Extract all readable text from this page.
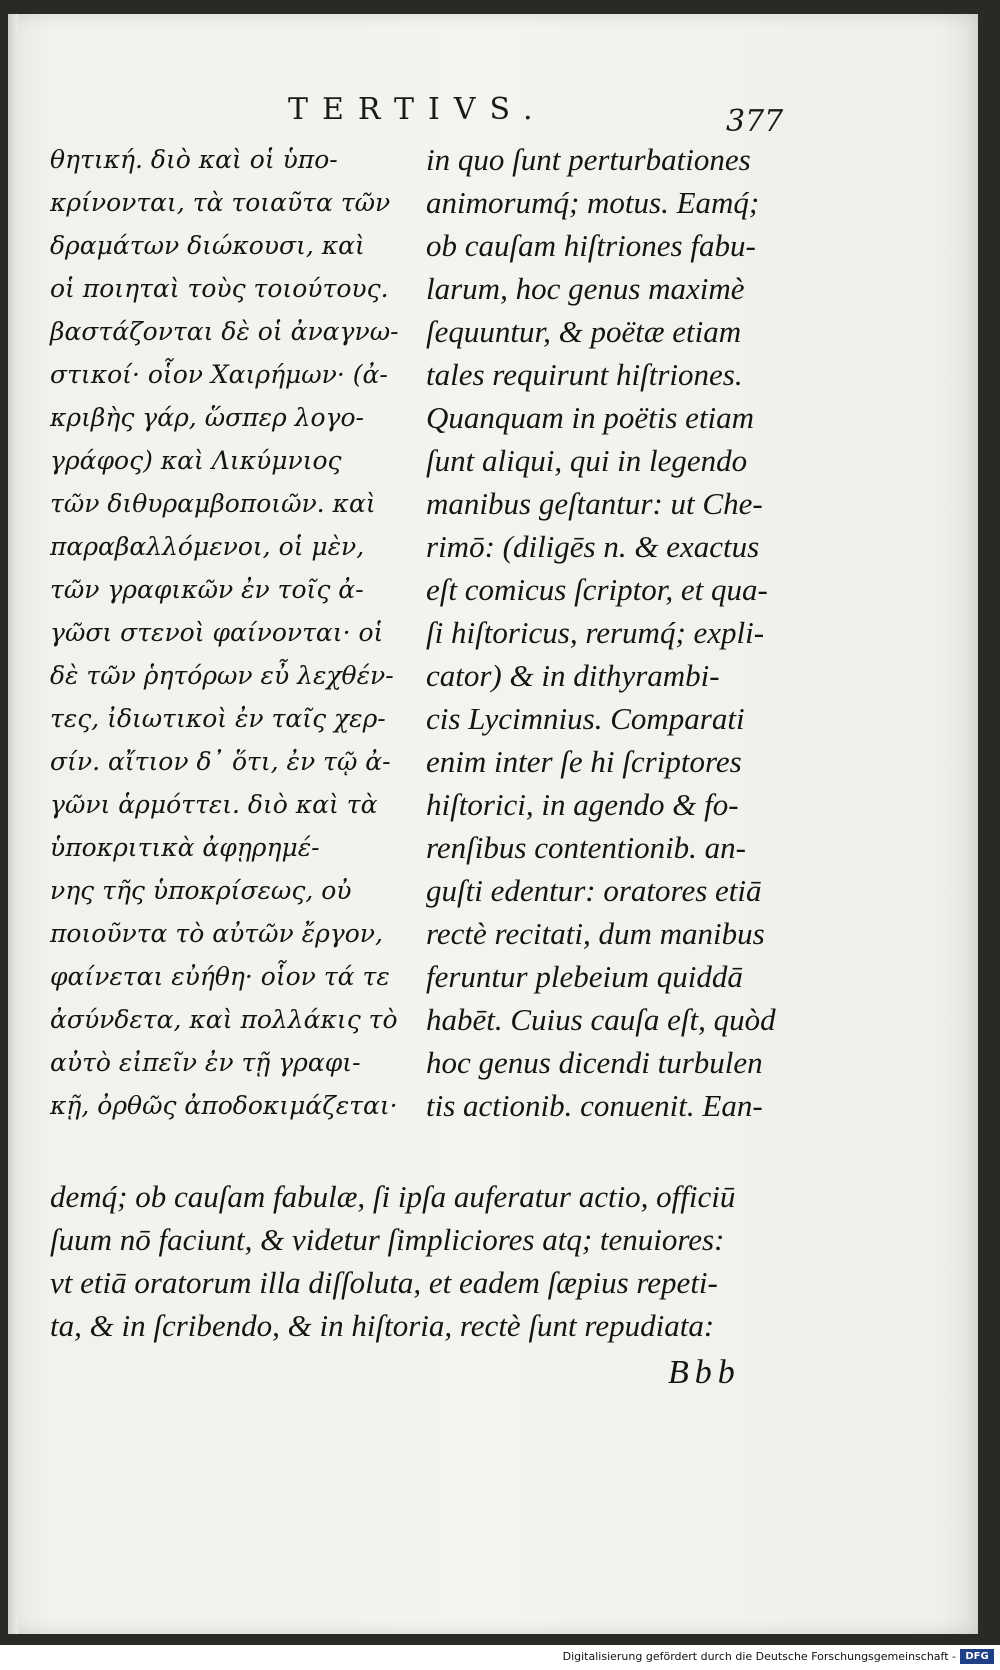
TERTIVS.	377
θητική. διὸ καὶ οἱ ὑπο-
κρίνονται, τὰ τοιαῦτα τῶν
δραμάτων διώκουσι, καὶ
οἱ ποιηταὶ τοὺς τοιούτους.
βαστάζονται δὲ οἱ ἀναγνω-
στικοί· οἷον Χαιρήμων· (ἀ-
κριβὴς γάρ, ὥσπερ λογο-
γράφος) καὶ Λικύμνιος
τῶν διθυραμβοποιῶν. καὶ
παραβαλλόμενοι, οἱ μὲν,
τῶν γραφικῶν ἐν τοῖς ἀ-
γῶσι στενοὶ φαίνονται· οἱ
δὲ τῶν ῥητόρων εὖ λεχθέν-
τες, ἰδιωτικοὶ ἐν ταῖς χερ-
σίν. αἴτιον δ᾽ ὅτι, ἐν τῷ ἀ-
γῶνι ἁρμόττει. διὸ καὶ τὰ
ὑποκριτικὰ ἀφῃρημέ-
νης τῆς ὑποκρίσεως, οὐ
ποιοῦντα τὸ αὐτῶν ἔργον,
φαίνεται εὐήθη· οἷον τά τε
ἀσύνδετα, καὶ πολλάκις τὸ
αὐτὸ εἰπεῖν ἐν τῇ γραφι-
κῇ, ὀρθῶς ἀποδοκιμάζεται·
in quo ſunt perturbationes
animorumq́; motus. Eamq́;
ob cauſam hiſtriones fabu-
larum, hoc genus maximè
ſequuntur, & poëtæ etiam
tales requirunt hiſtriones.
Quanquam in poëtis etiam
ſunt aliqui, qui in legendo
manibus geſtantur: ut Che-
rimō: (diligēs n. & exactus
eſt comicus ſcriptor, et qua-
ſi hiſtoricus, rerumq́; expli-
cator) & in dithyrambi-
cis Lycimnius. Comparati
enim inter ſe hi ſcriptores
hiſtorici, in agendo & fo-
renſibus contentionib. an-
guſti edentur: oratores etiā
rectè recitati, dum manibus
feruntur plebeium quiddā
habēt. Cuius cauſa eſt, quòd
hoc genus dicendi turbulen
tis actionib. conuenit. Ean-
demq́; ob cauſam fabulæ, ſi ipſa auferatur actio, officiū
ſuum nō faciunt, & videtur ſimpliciores atq; tenuiores:
vt etiā oratorum illa diſſoluta, et eadem ſæpius repeti-
ta, & in ſcribendo, & in hiſtoria, rectè ſunt repudiata:
Bbb
Digitalisierung gefördert durch die Deutsche Forschungsgemeinschaft - DFG
